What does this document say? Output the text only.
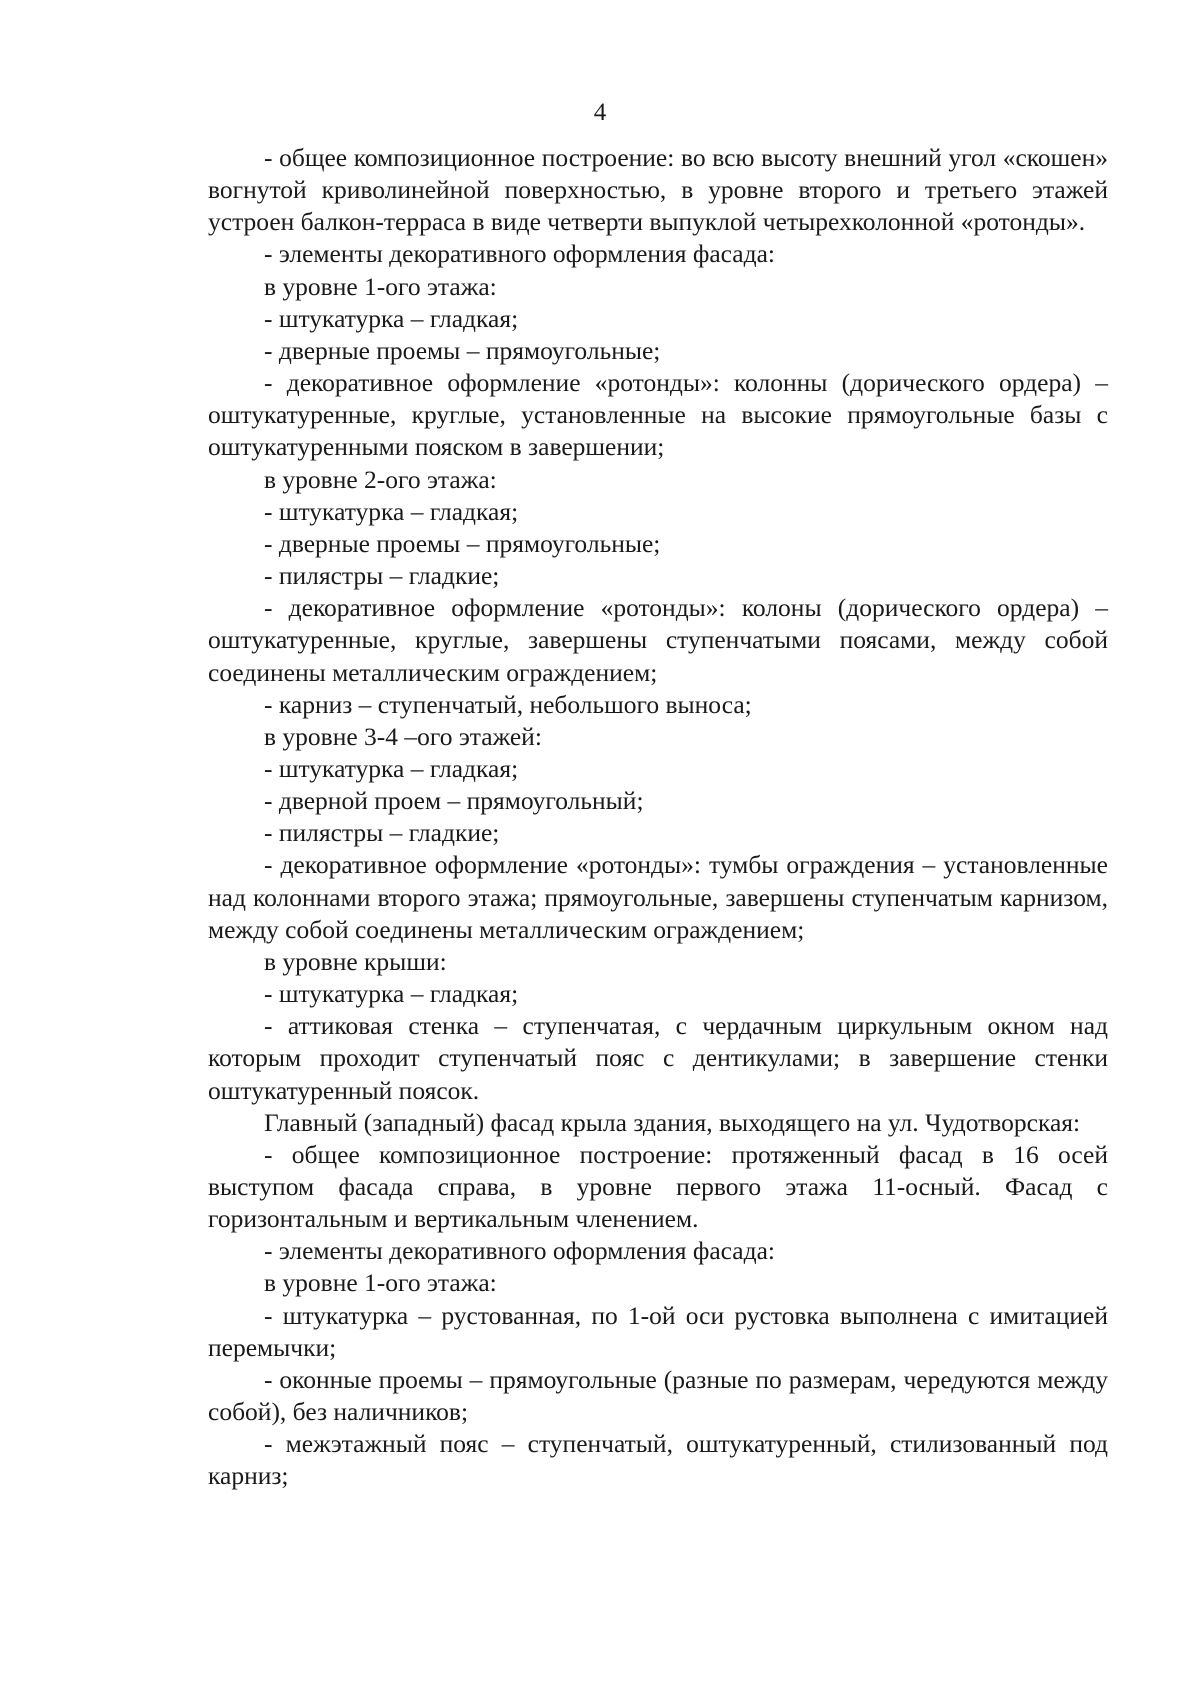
4

- общее композиционное построение: во всю высоту внешний угол «скошен» вогнутой криволинейной поверхностью, в уровне второго и третьего этажей устроен балкон-терраса в виде четверти выпуклой четырехколонной «ротонды».

- элементы декоративного оформления фасада:

в уровне 1-ого этажа:

- штукатурка – гладкая;

- дверные проемы – прямоугольные;

- декоративное оформление «ротонды»: колонны (дорического ордера) – оштукатуренные, круглые, установленные на высокие прямоугольные базы с оштукатуренными пояском в завершении;

в уровне 2-ого этажа:

- штукатурка – гладкая;

- дверные проемы – прямоугольные;

- пилястры – гладкие;

- декоративное оформление «ротонды»: колоны (дорического ордера) – оштукатуренные, круглые, завершены ступенчатыми поясами, между собой соединены металлическим ограждением;

- карниз – ступенчатый, небольшого выноса;

в уровне 3-4 –ого этажей:

- штукатурка – гладкая;

- дверной проем – прямоугольный;

- пилястры – гладкие;

- декоративное оформление «ротонды»: тумбы ограждения – установленные над колоннами второго этажа; прямоугольные, завершены ступенчатым карнизом, между собой соединены металлическим ограждением;

в уровне крыши:

- штукатурка – гладкая;

- аттиковая стенка – ступенчатая, с чердачным циркульным окном над которым проходит ступенчатый пояс с дентикулами; в завершение стенки оштукатуренный поясок.

Главный (западный) фасад крыла здания, выходящего на ул. Чудотворская:

- общее композиционное построение: протяженный фасад в 16 осей выступом фасада справа, в уровне первого этажа 11-осный. Фасад с горизонтальным и вертикальным членением.

- элементы декоративного оформления фасада:

в уровне 1-ого этажа:

- штукатурка – рустованная, по 1-ой оси рустовка выполнена с имитацией перемычки;

- оконные проемы – прямоугольные (разные по размерам, чередуются между собой), без наличников;

- межэтажный пояс – ступенчатый, оштукатуренный, стилизованный под карниз;
